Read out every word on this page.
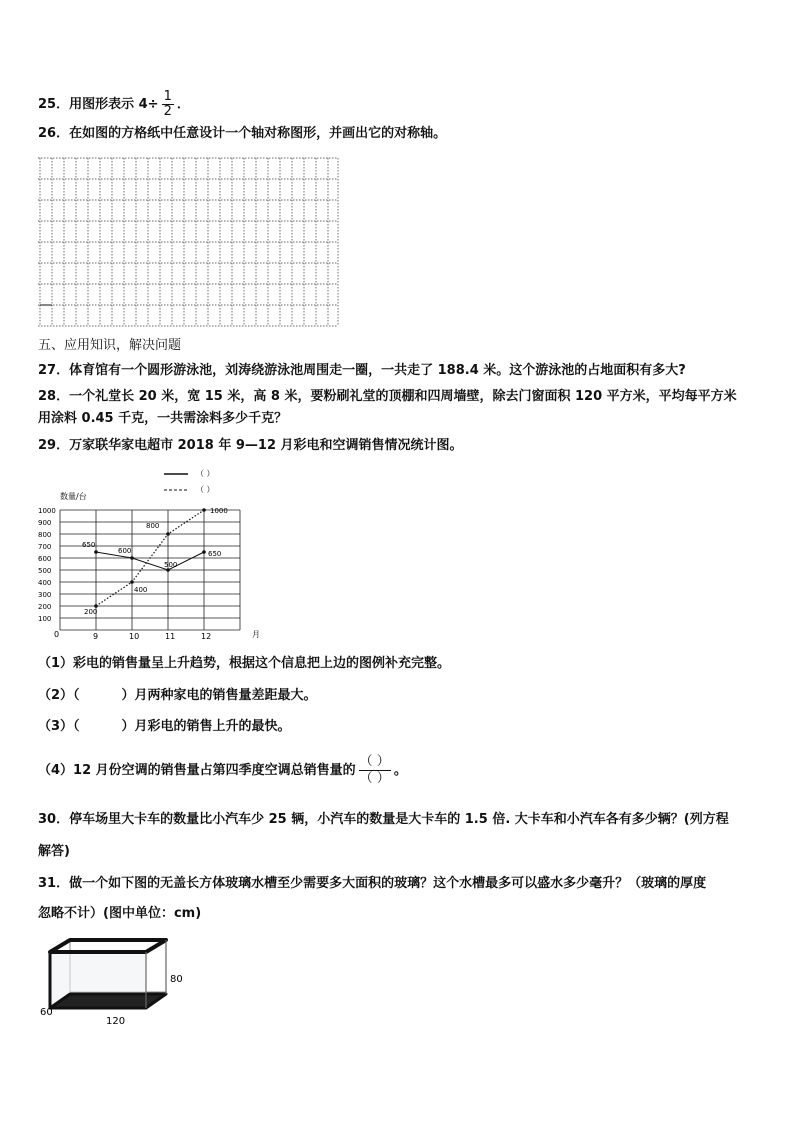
25．用图形表示 $4\div \frac{1}{2}$ ．
26．在如图的方格纸中任意设计一个轴对称图形，并画出它的对称轴。
五、应用知识，解决问题
27．体育馆有一个圆形游泳池，刘涛绕游泳池周围走一圈，一共走了 188.4 米。这个游泳池的占地面积有多大?
28．一个礼堂长 20 米，宽 15 米，高 8 米，要粉刷礼堂的顶棚和四周墙壁，除去门窗面积 120 平方米，平均每平方米
用涂料 0.45 千克，一共需涂料多少千克？
29．万家联华家电超市 2018 年 9—12 月彩电和空调销售情况统计图。
（ ）
（ ）
数量/台
月
0
100
200
300
400
500
600
700
800
900
1000
9	10	11	12
650
600
500
650
200
400
800
1000
（1）彩电的销售量呈上升趋势，根据这个信息把上边的图例补充完整。
（2）（	）月两种家电的销售量差距最大。
（3）（	）月彩电的销售上升的最快。
（4）12 月份空调的销售量占第四季度空调总销售量的 $\frac{( )}{( )}$ 。
30．停车场里大卡车的数量比小汽车少 25 辆，小汽车的数量是大卡车的 1.5 倍. 大卡车和小汽车各有多少辆？(列方程
解答)
31．做一个如下图的无盖长方体玻璃水槽至少需要多大面积的玻璃？这个水槽最多可以盛水多少毫升？（玻璃的厚度
忽略不计）(图中单位：cm)
80
60
120
